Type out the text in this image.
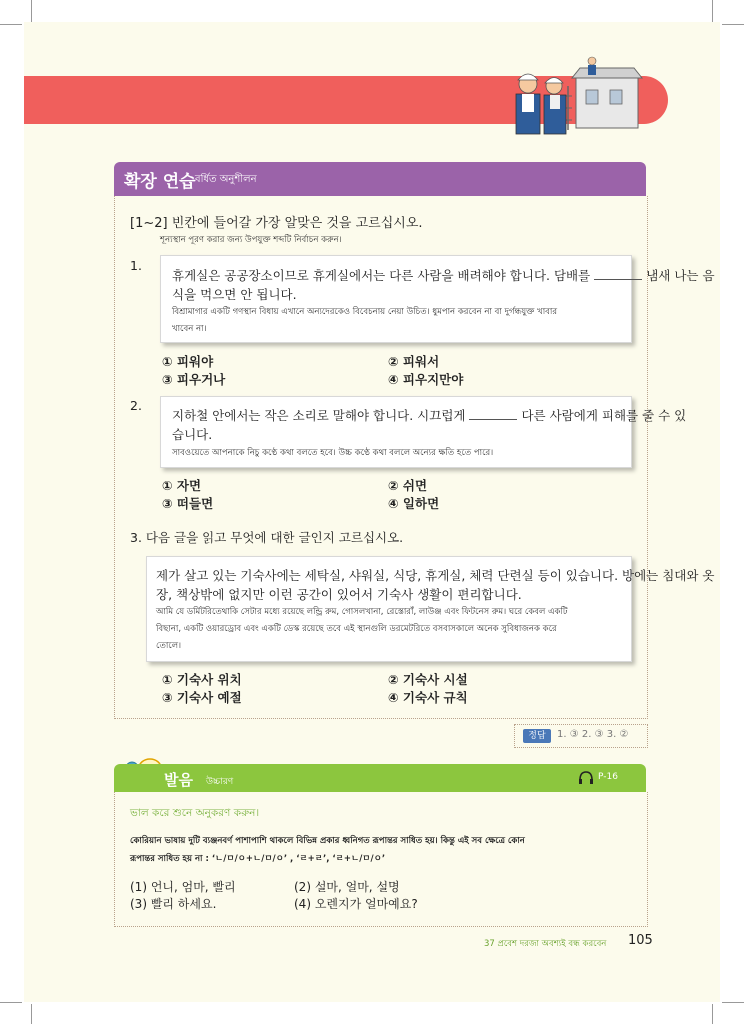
확장 연습 বর্ধিত অনুশীলন
[1~2] 빈칸에 들어갈 가장 알맞은 것을 고르십시오.
শূন্যস্থান পূরণ করার জন্য উপযুক্ত শব্দটি নির্বাচন করুন।
1.
휴게실은 공공장소이므로 휴게실에서는 다른 사람을 배려해야 합니다. 담배를	냄새 나는 음
식을 먹으면 안 됩니다.
বিশ্রামাগার একটি গণস্থান বিধায় এখানে অন্যদেরকেও বিবেচনায় নেয়া উচিত। ধুমপান করবেন না বা দুর্গন্ধযুক্ত খাবার
খাবেন না।
① 피워야	② 피워서
③ 피우거나	④ 피우지만야
2.
지하철 안에서는 작은 소리로 말해야 합니다. 시끄럽게	다른 사람에게 피해를 줄 수 있
습니다.
সাবওয়েতে আপনাকে নিচু কণ্ঠে কথা বলতে হবে। উচ্চ কণ্ঠে কথা বললে অন্যের ক্ষতি হতে পারে।
① 자면	② 쉬면
③ 떠들면	④ 일하면
3. 다음 글을 읽고 무엇에 대한 글인지 고르십시오.
제가 살고 있는 기숙사에는 세탁실, 샤워실, 식당, 휴게실, 체력 단련실 등이 있습니다. 방에는 침대와 옷
장, 책상밖에 없지만 이런 공간이 있어서 기숙사 생활이 편리합니다.
আমি যে ডর্মিটরিতেথাকি সেটার মধ্যে রয়েছে লন্ড্রি রুম, গোসলখানা, রেস্তোরাঁ, লাউঞ্জ এবং ফিটনেস রুম। ঘরে কেবল একটি
বিছানা, একটি ওয়ারড্রোব এবং একটি ডেস্ক রয়েছে তবে এই স্থানগুলি ডরমেটরিতে বসবাসকালে অনেক সুবিধাজনক করে
তোলে।
① 기숙사 위치	② 기숙사 시설
③ 기숙사 예절	④ 기숙사 규칙
정답	1. ③ 2. ③ 3. ②
발음 উচ্চারণ	P-16
ভাল করে শুনে অনুকরণ করুন।
কোরিয়ান ভাষায় দুটি ব্যঞ্জনবর্ণ পাশাপাশি থাকলে বিভিন্ন প্রকার ধ্বনিগত রূপান্তর সাধিত হয়। কিন্তু এই সব ক্ষেত্রে কোন
রূপান্তর সাধিত হয় না : ‘ㄴ/ㅁ/ㅇ+ㄴ/ㅁ/ㅇ’ , ‘ㄹ+ㄹ’, ‘ㄹ+ㄴ/ㅁ/ㅇ’
(1) 언니, 엄마, 빨리	(2) 설마, 얼마, 설명
(3) 빨리 하세요.	(4) 오렌지가 얼마예요?
37 প্রবেশ দরজা অবশ্যই বন্ধ করবেন 105
